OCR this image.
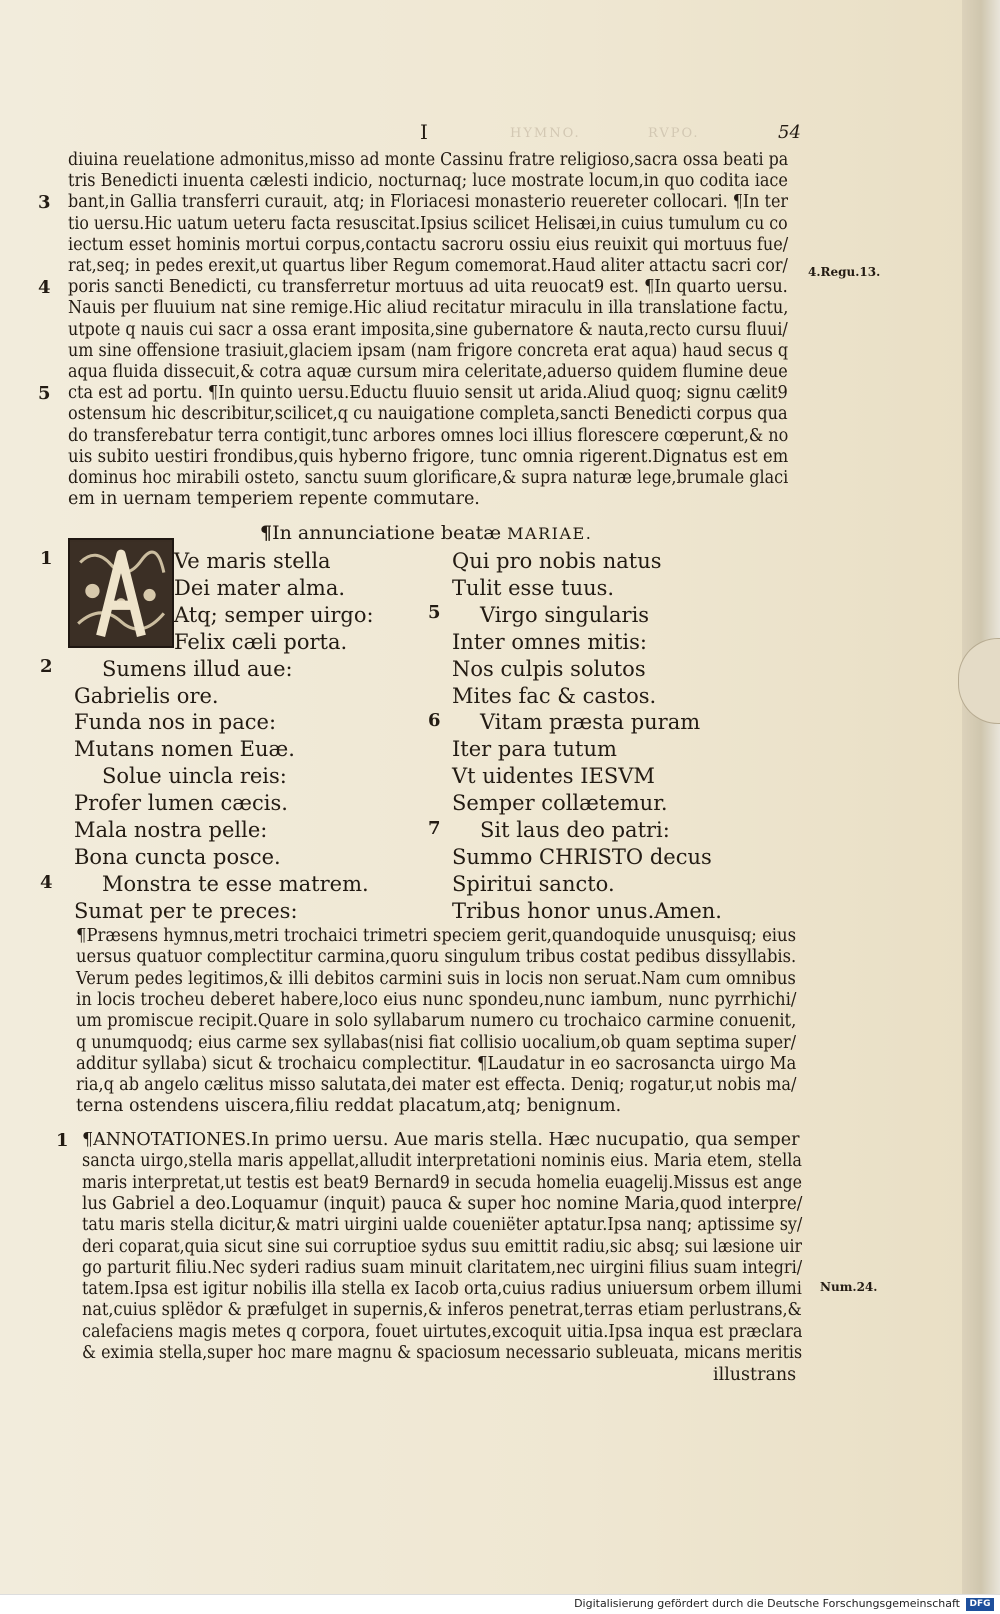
HYMNO.	RVPO.
I	54
diuina reuelatione admonitus,misso ad monte Cassinu fratre religioso,sacra ossa beati pa
tris Benedicti inuenta cælesti indicio, nocturnaq; luce mostrate locum,in quo codita iace
bant,in Gallia transferri curauit, atq; in Floriacesi monasterio reuereter collocari. ¶In ter
tio uersu.Hic uatum ueteru facta resuscitat.Ipsius scilicet Helisæi,in cuius tumulum cu co
iectum esset hominis mortui corpus,contactu sacroru ossiu eius reuixit qui mortuus fue/
rat,seq; in pedes erexit,ut quartus liber Regum comemorat.Haud aliter attactu sacri cor/
poris sancti Benedicti, cu transferretur mortuus ad uita reuocat9 est. ¶In quarto uersu.
Nauis per fluuium nat sine remige.Hic aliud recitatur miraculu in illa translatione factu,
utpote q nauis cui sacr a ossa erant imposita,sine gubernatore & nauta,recto cursu fluui/
um sine offensione trasiuit,glaciem ipsam (nam frigore concreta erat aqua) haud secus q
aqua fluida dissecuit,& cotra aquæ cursum mira celeritate,aduerso quidem flumine deue
cta est ad portu. ¶In quinto uersu.Eductu fluuio sensit ut arida.Aliud quoq; signu cælit9
ostensum hic describitur,scilicet,q cu nauigatione completa,sancti Benedicti corpus qua
do transferebatur terra contigit,tunc arbores omnes loci illius florescere cœperunt,& no
uis subito uestiri frondibus,quis hyberno frigore, tunc omnia rigerent.Dignatus est em
dominus hoc mirabili osteto, sanctu suum glorificare,& supra naturæ lege,brumale glaci
em in uernam temperiem repente commutare.
3
4
5
4.Regu.13.
¶In annunciatione beatæ MARIAE.
Ve maris stella
Dei mater alma.
Atq; semper uirgo:
Felix cæli porta.
Sumens illud aue:
Gabrielis ore.
Funda nos in pace:
Mutans nomen Euæ.
Solue uincla reis:
Profer lumen cæcis.
Mala nostra pelle:
Bona cuncta posce.
Monstra te esse matrem.
Sumat per te preces:
Qui pro nobis natus
Tulit esse tuus.
Virgo singularis
Inter omnes mitis:
Nos culpis solutos
Mites fac & castos.
Vitam præsta puram
Iter para tutum
Vt uidentes IESVM
Semper collætemur.
Sit laus deo patri:
Summo CHRISTO decus
Spiritui sancto.
Tribus honor unus.Amen.
1
2
4
5
6
7
¶Præsens hymnus,metri trochaici trimetri speciem gerit,quandoquide unusquisq; eius
uersus quatuor complectitur carmina,quoru singulum tribus costat pedibus dissyllabis.
Verum pedes legitimos,& illi debitos carmini suis in locis non seruat.Nam cum omnibus
in locis trocheu deberet habere,loco eius nunc spondeu,nunc iambum, nunc pyrrhichi/
um promiscue recipit.Quare in solo syllabarum numero cu trochaico carmine conuenit,
q unumquodq; eius carme sex syllabas(nisi fiat collisio uocalium,ob quam septima super/
additur syllaba) sicut & trochaicu complectitur. ¶Laudatur in eo sacrosancta uirgo Ma
ria,q ab angelo cælitus misso salutata,dei mater est effecta. Deniq; rogatur,ut nobis ma/
terna ostendens uiscera,filiu reddat placatum,atq; benignum.
¶ANNOTATIONES.In primo uersu. Aue maris stella. Hæc nucupatio, qua semper
sancta uirgo,stella maris appellat,alludit interpretationi nominis eius. Maria etem, stella
maris interpretat,ut testis est beat9 Bernard9 in secuda homelia euagelij.Missus est ange
lus Gabriel a deo.Loquamur (inquit) pauca & super hoc nomine Maria,quod interpre/
tatu maris stella dicitur,& matri uirgini ualde coueniëter aptatur.Ipsa nanq; aptissime sy/
deri coparat,quia sicut sine sui corruptioe sydus suu emittit radiu,sic absq; sui læsione uir
go parturit filiu.Nec syderi radius suam minuit claritatem,nec uirgini filius suam integri/
tatem.Ipsa est igitur nobilis illa stella ex Iacob orta,cuius radius uniuersum orbem illumi
nat,cuius splëdor & præfulget in supernis,& inferos penetrat,terras etiam perlustrans,&
calefaciens magis metes q corpora, fouet uirtutes,excoquit uitia.Ipsa inqua est præclara
& eximia stella,super hoc mare magnu & spaciosum necessario subleuata, micans meritis
1
Num.24.
illustrans
Digitalisierung gefördert durch die Deutsche Forschungsgemeinschaft	DFG
